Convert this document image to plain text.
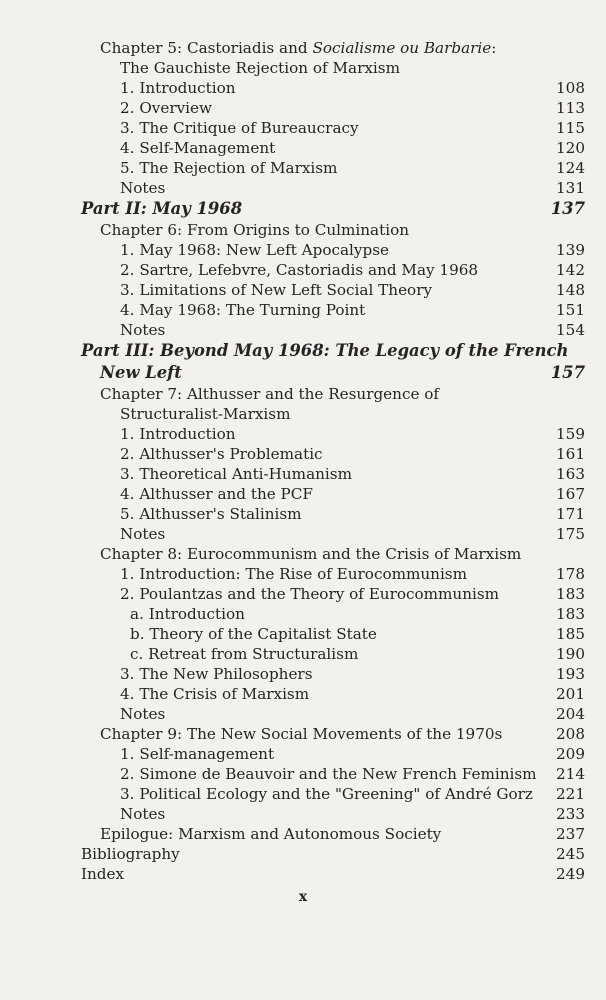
Chapter 5: Castoriadis and Socialisme ou Barbarie:
The Gauchiste Rejection of Marxism
1. Introduction	108
2. Overview	113
3. The Critique of Bureaucracy	115
4. Self-Management	120
5. The Rejection of Marxism	124
Notes	131
Part II: May 1968	137
Chapter 6: From Origins to Culmination
1. May 1968: New Left Apocalypse	139
2. Sartre, Lefebvre, Castoriadis and May 1968	142
3. Limitations of New Left Social Theory	148
4. May 1968: The Turning Point	151
Notes	154
Part III: Beyond May 1968: The Legacy of the French
New Left	157
Chapter 7: Althusser and the Resurgence of
Structuralist-Marxism
1. Introduction	159
2. Althusser's Problematic	161
3. Theoretical Anti-Humanism	163
4. Althusser and the PCF	167
5. Althusser's Stalinism	171
Notes	175
Chapter 8: Eurocommunism and the Crisis of Marxism
1. Introduction: The Rise of Eurocommunism	178
2. Poulantzas and the Theory of Eurocommunism	183
a. Introduction	183
b. Theory of the Capitalist State	185
c. Retreat from Structuralism	190
3. The New Philosophers	193
4. The Crisis of Marxism	201
Notes	204
Chapter 9: The New Social Movements of the 1970s	208
1. Self-management	209
2. Simone de Beauvoir and the New French Feminism 214
3. Political Ecology and the "Greening" of André Gorz 221
Notes	233
Epilogue: Marxism and Autonomous Society	237
Bibliography	245
Index	249
x
